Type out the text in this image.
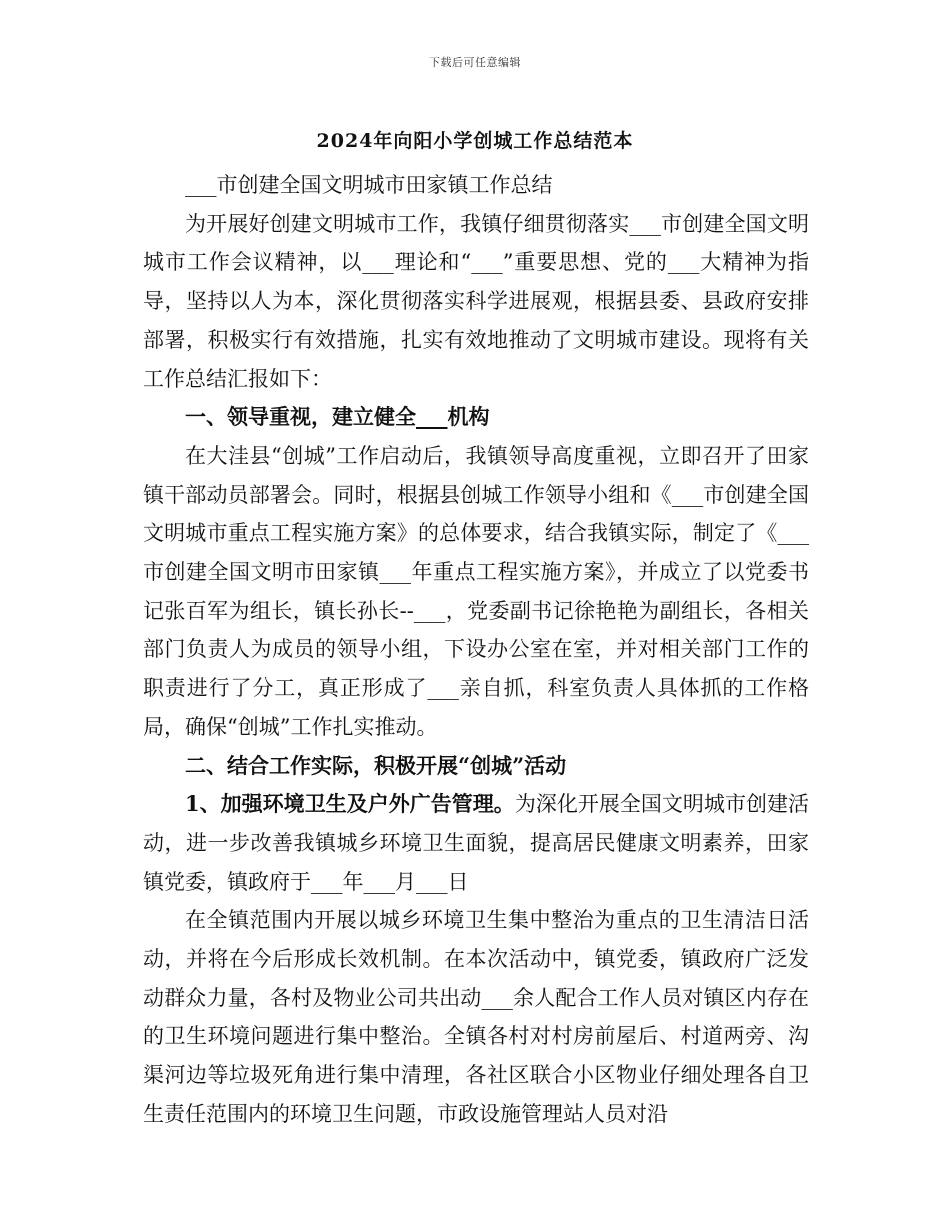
下载后可任意编辑
2024年向阳小学创城工作总结范本

___市创建全国文明城市田家镇工作总结

为开展好创建文明城市工作，我镇仔细贯彻落实___市创建全国文明城市工作会议精神，以___理论和“___”重要思想、党的___大精神为指导，坚持以人为本，深化贯彻落实科学进展观，根据县委、县政府安排部署，积极实行有效措施，扎实有效地推动了文明城市建设。现将有关工作总结汇报如下：

一、领导重视，建立健全___机构

在大洼县“创城”工作启动后，我镇领导高度重视，立即召开了田家镇干部动员部署会。同时，根据县创城工作领导小组和《___市创建全国文明城市重点工程实施方案》的总体要求，结合我镇实际，制定了《___市创建全国文明市田家镇___年重点工程实施方案》，并成立了以党委书记张百军为组长，镇长孙长--___，党委副书记徐艳艳为副组长，各相关部门负责人为成员的领导小组，下设办公室在室，并对相关部门工作的职责进行了分工，真正形成了___亲自抓，科室负责人具体抓的工作格局，确保“创城”工作扎实推动。

二、结合工作实际，积极开展“创城”活动

1、加强环境卫生及户外广告管理。为深化开展全国文明城市创建活动，进一步改善我镇城乡环境卫生面貌，提高居民健康文明素养，田家镇党委，镇政府于___年___月___日

在全镇范围内开展以城乡环境卫生集中整治为重点的卫生清洁日活动，并将在今后形成长效机制。在本次活动中，镇党委，镇政府广泛发动群众力量，各村及物业公司共出动___余人配合工作人员对镇区内存在的卫生环境问题进行集中整治。全镇各村对村房前屋后、村道两旁、沟渠河边等垃圾死角进行集中清理，各社区联合小区物业仔细处理各自卫生责任范围内的环境卫生问题，市政设施管理站人员对沿
